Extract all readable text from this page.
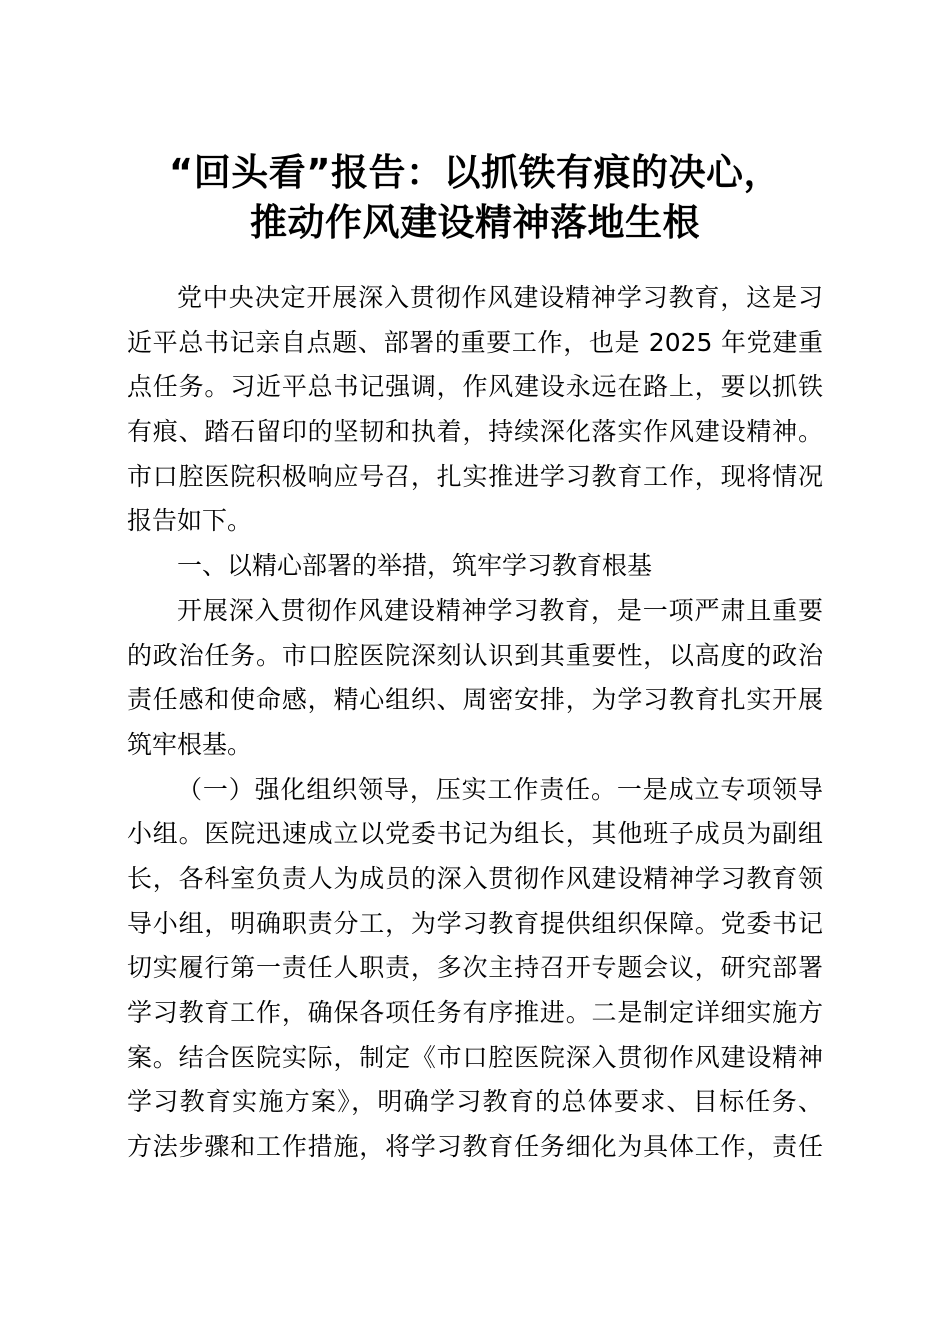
“回头看”报告：以抓铁有痕的决心，
推动作风建设精神落地生根
党中央决定开展深入贯彻作风建设精神学习教育，这是习
近平总书记亲自点题、部署的重要工作，也是 2025 年党建重
点任务。习近平总书记强调，作风建设永远在路上，要以抓铁
有痕、踏石留印的坚韧和执着，持续深化落实作风建设精神。
市口腔医院积极响应号召，扎实推进学习教育工作，现将情况
报告如下。
一、以精心部署的举措，筑牢学习教育根基
开展深入贯彻作风建设精神学习教育，是一项严肃且重要
的政治任务。市口腔医院深刻认识到其重要性，以高度的政治
责任感和使命感，精心组织、周密安排，为学习教育扎实开展
筑牢根基。
（一）强化组织领导，压实工作责任。一是成立专项领导
小组。医院迅速成立以党委书记为组长，其他班子成员为副组
长，各科室负责人为成员的深入贯彻作风建设精神学习教育领
导小组，明确职责分工，为学习教育提供组织保障。党委书记
切实履行第一责任人职责，多次主持召开专题会议，研究部署
学习教育工作，确保各项任务有序推进。二是制定详细实施方
案。结合医院实际，制定《市口腔医院深入贯彻作风建设精神
学习教育实施方案》，明确学习教育的总体要求、目标任务、
方法步骤和工作措施，将学习教育任务细化为具体工作，责任
